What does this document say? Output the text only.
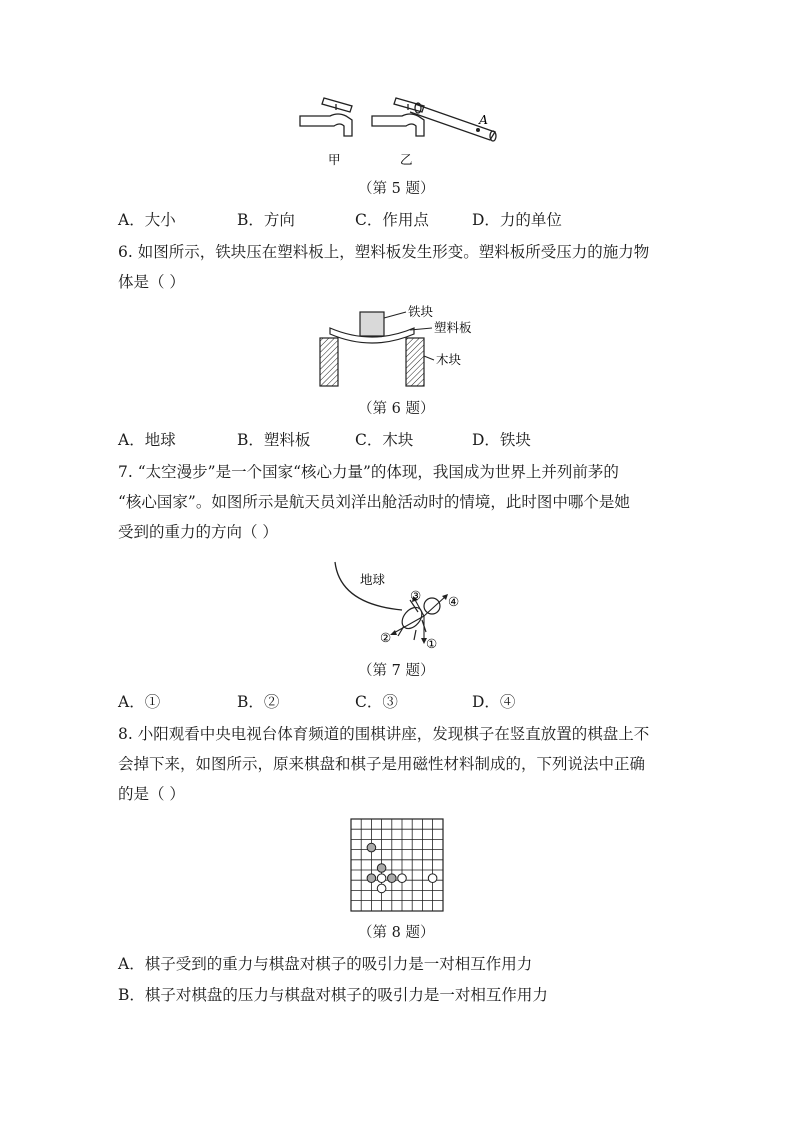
A
甲	乙
（第 5 题）
A．大小	B．方向	C．作用点	D．力的单位
6. 如图所示，铁块压在塑料板上，塑料板发生形变。塑料板所受压力的施力物
体是（ ）
铁块
塑料板
木块
（第 6 题）
A．地球	B．塑料板	C．木块	D．铁块
7. “太空漫步”是一个国家“核心力量”的体现，我国成为世界上并列前茅的
“核心国家”。如图所示是航天员刘洋出舱活动时的情境，此时图中哪个是她
受到的重力的方向（ ）
地球
①
②
③ ④
（第 7 题）
A．①	B．②	C．③	D．④
8. 小阳观看中央电视台体育频道的围棋讲座，发现棋子在竖直放置的棋盘上不
会掉下来，如图所示，原来棋盘和棋子是用磁性材料制成的，下列说法中正确
的是（ ）
（第 8 题）
A．棋子受到的重力与棋盘对棋子的吸引力是一对相互作用力
B．棋子对棋盘的压力与棋盘对棋子的吸引力是一对相互作用力
